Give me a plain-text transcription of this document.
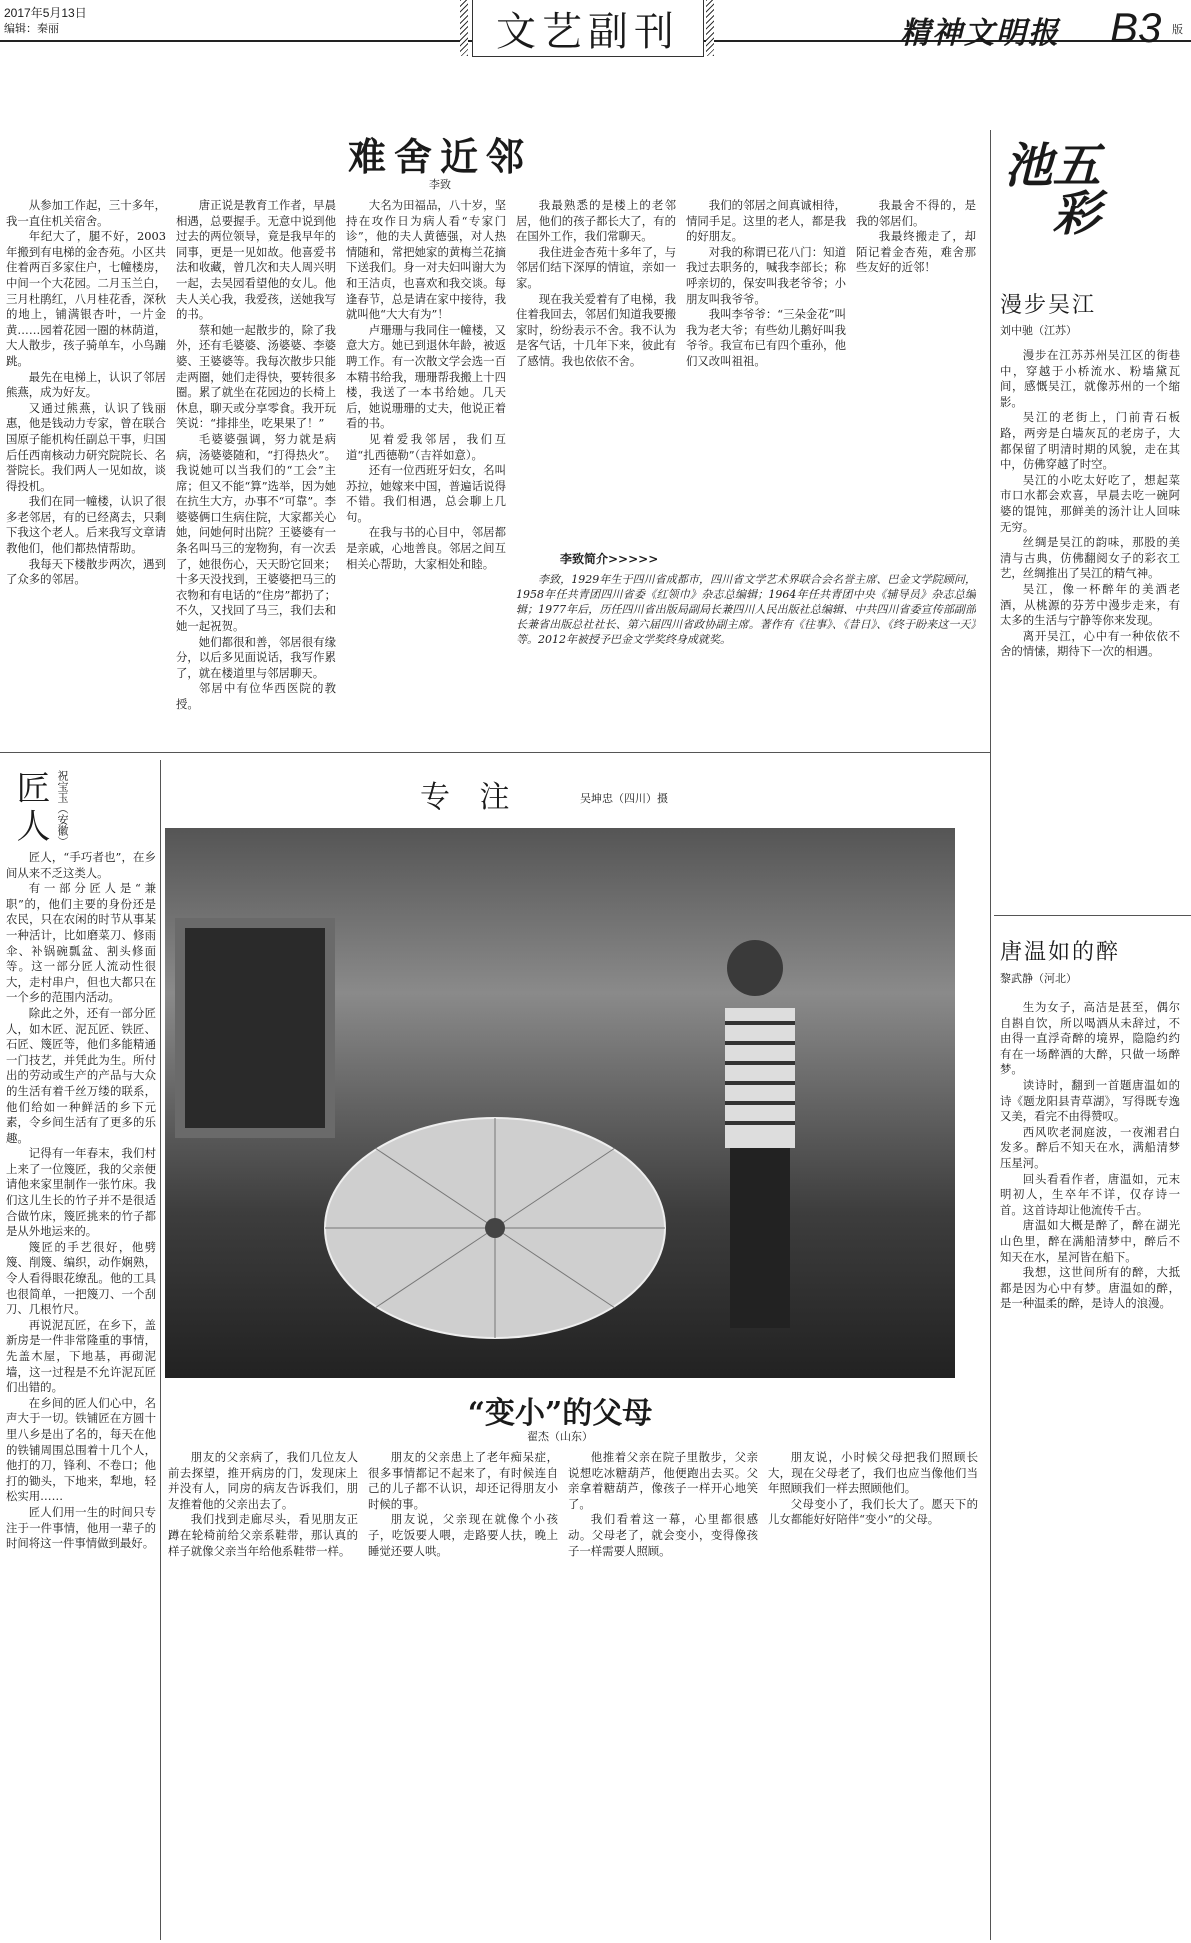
2017年5月13日
编辑：秦丽	文艺副刊	精神文明报 B3 版
难舍近邻
李致

从参加工作起，三十多年，我一直住机关宿舍。

年纪大了，腿不好，2003年搬到有电梯的金杏苑。小区共住着两百多家住户，七幢楼房，中间一个大花园。二月玉兰白，三月杜鹃红，八月桂花香，深秋的地上，铺满银杏叶，一片金黄……园着花园一圈的林荫道，大人散步，孩子骑单车，小鸟蹦跳。

最先在电梯上，认识了邻居熊燕，成为好友。

又通过熊燕，认识了钱丽惠，他是钱动力专家，曾在联合国原子能机构任副总干事，归国后任西南核动力研究院院长、名誉院长。我们两人一见如故，谈得投机。

我们在同一幢楼，认识了很多老邻居，有的已经离去，只剩下我这个老人。后来我写文章请教他们，他们都热情帮助。

我每天下楼散步两次，遇到了众多的邻居。

唐正说是教育工作者，早晨相遇，总要握手。无意中说到他过去的两位领导，竟是我早年的同事，更是一见如故。他喜爱书法和收藏，曾几次和夫人周兴明一起，去吴园看望他的女儿。他夫人关心我，我爱孩，送她我写的书。

蔡和她一起散步的，除了我外，还有毛婆婆、汤婆婆、李婆婆、王婆婆等。我每次散步只能走两圈，她们走得快，要转很多圈。累了就坐在花园边的长椅上休息，聊天或分享零食。我开玩笑说：“排排坐，吃果果了！”

毛婆婆强调，努力就是病病，汤婆婆随和，“打得热火”。我说她可以当我们的“工会”主席；但又不能“算”选举，因为她在抗生大方，办事不“可靠”。李婆婆俩口生病住院，大家都关心她，问她何时出院？王婆婆有一条名叫马三的宠物狗，有一次丢了，她很伤心，天天盼它回来；十多天没找到，王婆婆把马三的衣物和有电话的“住房”都扔了；不久，又找回了马三，我们去和她一起祝贺。

她们都很和善，邻居很有缘分，以后多见面说话，我写作累了，就在楼道里与邻居聊天。

邻居中有位华西医院的教授。

大名为田福品，八十岁，坚持在攻作日为病人看“专家门诊”，他的夫人黄德强，对人热情随和，常把她家的黄梅兰花摘下送我们。身一对夫妇叫谢大为和王洁贞，也喜欢和我交谈。每逢春节，总是请在家中接待，我就叫他“大大有为”！

卢珊珊与我同住一幢楼，又意大方。她已到退休年龄，被返聘工作。有一次散文学会选一百本精书给我，珊珊帮我搬上十四楼，我送了一本书给她。几天后，她说珊珊的丈夫，他说正着看的书。

见着爱我邻居，我们互道“扎西德勒”（吉祥如意）。

还有一位西班牙妇女，名叫苏拉，她嫁来中国，普遍话说得不错。我们相遇，总会聊上几句。

在我与书的心目中，邻居都是亲戚，心地善良。邻居之间互相关心帮助，大家相处和睦。

我最熟悉的是楼上的老邻居，他们的孩子都长大了，有的在国外工作，我们常聊天。

我住进金杏苑十多年了，与邻居们结下深厚的情谊，亲如一家。

现在我关爱着有了电梯，我住着我回去，邻居们知道我要搬家时，纷纷表示不舍。我不认为是客气话，十几年下来，彼此有了感情。我也依依不舍。

我们的邻居之间真诚相待，情同手足。这里的老人，都是我的好朋友。

对我的称谓已花八门：知道我过去职务的，喊我李部长；称呼亲切的，保安叫我老爷爷；小朋友叫我爷爷。

我叫李爷爷：“三朵金花”叫我为老大爷；有些幼儿鹅好叫我爷爷。我宣布已有四个重孙，他们又改叫祖祖。

我最舍不得的，是我的邻居们。

我最终搬走了，却陌记着金杏苑，难舍那些友好的近邻！

李致简介>>>>>
李致，1929年生于四川省成都市，四川省文学艺术界联合会名誉主席、巴金文学院顾问，1958年任共青团四川省委《红领巾》杂志总编辑；1964年任共青团中央《辅导员》杂志总编辑；1977年后，历任四川省出版局副局长兼四川人民出版社总编辑、中共四川省委宣传部副部长兼省出版总社社长、第六届四川省政协副主席。著作有《往事》、《昔日》、《终于盼来这一天》等。2012年被授予巴金文学奖终身成就奖。
五彩池
漫步吴江
刘中驰（江苏）

漫步在江苏苏州吴江区的街巷中，穿越于小桥流水、粉墙黛瓦间，感慨吴江，就像苏州的一个缩影。

吴江的老街上，门前青石板路，两旁是白墙灰瓦的老房子，大都保留了明清时期的风貌，走在其中，仿佛穿越了时空。

吴江的小吃太好吃了，想起菜市口水都会欢喜，早晨去吃一碗阿婆的馄饨，那鲜美的汤汁让人回味无穷。

丝绸是吴江的韵味，那股的美清与古典，仿佛翻阅女子的彩衣工艺，丝绸推出了吴江的精气神。

吴江，像一杯醉年的美酒老酒，从桃源的芬芳中漫步走来，有太多的生活与宁静等你来发现。

离开吴江，心中有一种依依不舍的情愫，期待下一次的相遇。

唐温如的醉
黎武静（河北）

生为女子，高洁是甚至，偶尔自斟自饮，所以喝酒从未辞过，不由得一直浮奇醉的境界，隐隐约约有在一场醉酒的大醉，只做一场醉梦。

读诗时，翻到一首题唐温如的诗《题龙阳县青草湖》，写得既专逸又美，看完不由得赞叹。

西风吹老洞庭波，一夜湘君白发多。醉后不知天在水，满船清梦压星河。

回头看看作者，唐温如，元末明初人，生卒年不详，仅存诗一首。这首诗却让他流传千古。

唐温如大概是醉了，醉在湖光山色里，醉在满船清梦中，醉后不知天在水，星河皆在船下。

我想，这世间所有的醉，大抵都是因为心中有梦。唐温如的醉，是一种温柔的醉，是诗人的浪漫。

匠人 祝宝玉（安徽）

匠人，“手巧者也”，在乡间从来不乏这类人。

有一部分匠人是“兼职”的，他们主要的身份还是农民，只在农闲的时节从事某一种活计，比如磨菜刀、修雨伞、补锅碗瓢盆、割头修面等。这一部分匠人流动性很大，走村串户，但也大都只在一个乡的范围内活动。

除此之外，还有一部分匠人，如木匠、泥瓦匠、铁匠、石匠、篾匠等，他们多能精通一门技艺，并凭此为生。所付出的劳动或生产的产品与大众的生活有着千丝万缕的联系，他们给如一种鲜活的乡下元素，令乡间生活有了更多的乐趣。

记得有一年春末，我们村上来了一位篾匠，我的父亲便请他来家里制作一张竹床。我们这儿生长的竹子并不是很适合做竹床，篾匠挑来的竹子都是从外地运来的。

篾匠的手艺很好，他劈篾、削篾、编织，动作娴熟，令人看得眼花缭乱。他的工具也很简单，一把篾刀、一个刮刀、几根竹尺。

再说泥瓦匠，在乡下，盖新房是一件非常隆重的事情，先盖木屋，下地基，再砌泥墙，这一过程是不允许泥瓦匠们出错的。

在乡间的匠人们心中，名声大于一切。铁铺匠在方圆十里八乡是出了名的，每天在他的铁铺周围总围着十几个人，他打的刀，锋利、不卷口；他打的锄头，下地来，犁地，轻松实用……

匠人们用一生的时间只专注于一件事情，他用一辈子的时间将这一件事情做到最好。

专 注	吴坤忠（四川）摄
“变小”的父母
翟杰（山东）

朋友的父亲病了，我们几位友人前去探望，推开病房的门，发现床上并没有人，同房的病友告诉我们，朋友推着他的父亲出去了。

我们找到走廊尽头，看见朋友正蹲在轮椅前给父亲系鞋带，那认真的样子就像父亲当年给他系鞋带一样。

朋友的父亲患上了老年痴呆症，很多事情都记不起来了，有时候连自己的儿子都不认识，却还记得朋友小时候的事。

朋友说，父亲现在就像个小孩子，吃饭要人喂，走路要人扶，晚上睡觉还要人哄。

他推着父亲在院子里散步，父亲说想吃冰糖葫芦，他便跑出去买。父亲拿着糖葫芦，像孩子一样开心地笑了。

我们看着这一幕，心里都很感动。父母老了，就会变小，变得像孩子一样需要人照顾。

朋友说，小时候父母把我们照顾长大，现在父母老了，我们也应当像他们当年照顾我们一样去照顾他们。

父母变小了，我们长大了。愿天下的儿女都能好好陪伴“变小”的父母。
